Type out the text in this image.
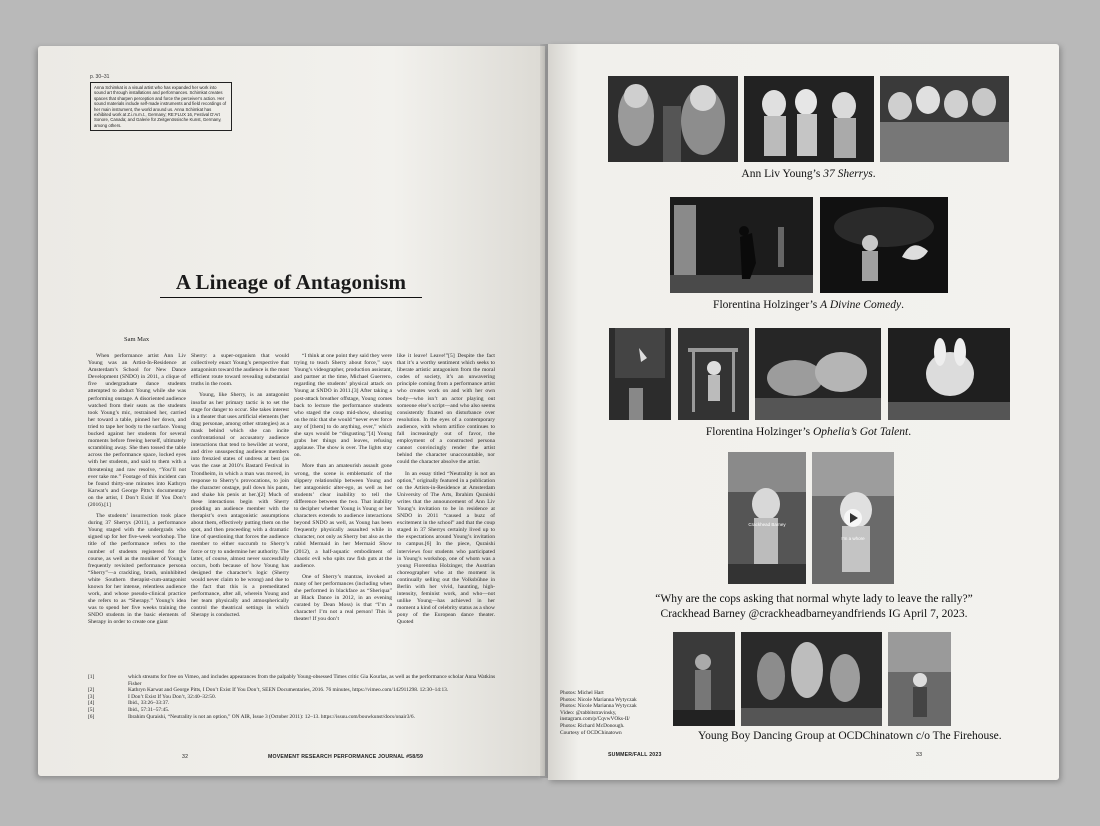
p. 30–31
Anna Schimkat is a visual artist who has expanded her work into sound art through installations and performances. Schimkat creates spaces that sharpen perception and force the perceiver’s action. Her sound materials include self-made instruments and field recordings of her main instrument, the world around us. Anna Schimkat has exhibited work at Z.i.m.m.t., Germany; RE:FLUX 16, Festival D’Art Sonore, Canada; and Galerie für Zeitgenössische Kunst, Germany, among others.
A Lineage of Antagonism
Sam Max

When performance artist Ann Liv Young was an Artist-In-Residence at Amsterdam’s School for New Dance Development (SNDO) in 2011, a clique of five undergraduate dance students attempted to abduct Young while she was performing onstage. A disoriented audience watched from their seats as the students took Young’s mic, restrained her, carried her toward a table, pinned her down, and tried to tape her body to the surface. Young bucked against her students for several moments before freeing herself, ultimately scrambling away. She then tossed the table across the performance space, locked eyes with her students, and said to them with a threatening and raw resolve, “You’ll not ever take me.” Footage of this incident can be found thirty-one minutes into Kathryn Karwat’s and George Pitts’s documentary on the artist, I Don’t Exist If You Don’t (2016).[1]

The students’ insurrection took place during 37 Sherrys (2011), a performance Young staged with the undergrads who signed up for her five-week workshop. The title of the performance refers to the number of students registered for the course, as well as the moniker of Young’s frequently revisited performance persona “Sherry”—a crackling, brash, uninhibited white Southern therapist-cum-antagonist known for her intense, relentless audience work, and whose pseudo-clinical practice she refers to as “Sherapy.” Young’s idea was to spend her five weeks training the SNDO students in the basic elements of Sherapy in order to create one giant

Sherry: a super-organism that would collectively enact Young’s perspective that antagonism toward the audience is the most efficient route toward revealing substantial truths in the room.

Young, like Sherry, is an antagonist insofar as her primary tactic is to set the stage for danger to occur. She takes interest in a theater that uses artificial elements (her drag personae, among other strategies) as a mask behind which she can incite confrontational or accusatory audience interactions that tend to bewilder at worst, and drive unsuspecting audience members into frenzied states of undress at best (as was the case at 2010’s Bastard Festival in Trondheim, in which a man was moved, in response to Sherry’s provocations, to join the character onstage, pull down his pants, and shake his penis at her.)[2] Much of these interactions begin with Sherry prodding an audience member with the therapist’s own antagonistic assumptions about them, effectively putting them on the spot, and then proceeding with a dramatic line of questioning that forces the audience member to either succumb to Sherry’s force or try to undermine her authority. The latter, of course, almost never successfully occurs, both because of how Young has designed the character’s logic (Sherry would never claim to be wrong) and due to the fact that this is a premeditated performance, after all, wherein Young and her team physically and atmospherically control the theatrical settings in which Sherapy is conducted.

“I think at one point they said they were trying to teach Sherry about force,” says Young’s videographer, production assistant, and partner at the time, Michael Guerrero, regarding the students’ physical attack on Young at SNDO in 2011.[3] After taking a post-attack breather offstage, Young comes back to lecture the performance students who staged the coup mid-show, shouting on the mic that she would “never ever force any of [them] to do anything, ever,” which she says would be “disgusting.”[4] Young grabs her things and leaves, refusing applause. The show is over. The lights stay on.

More than an amateurish assault gone wrong, the scene is emblematic of the slippery relationship between Young and her antagonistic alter-ego, as well as her students’ clear inability to tell the difference between the two. That inability to decipher whether Young is Young or her characters extends to audience interactions beyond SNDO as well, as Young has been frequently physically assaulted while in character, not only as Sherry but also as the rabid Mermaid in her Mermaid Show (2012), a half-aquatic embodiment of chaotic evil who spits raw fish guts at the audience.

One of Sherry’s mantras, invoked at many of her performances (including when she performed in blackface as “Sheriqua” at Black Dance in 2012, in an evening curated by Dean Moss) is that “I’m a character! I’m not a real person! This is theater! If you don’t

like it leave! Leave!”[5] Despite the fact that it’s a worthy sentiment which seeks to liberate artistic antagonism from the moral codes of society, it’s an unwavering principle coming from a performance artist who creates work on and with her own body—who isn’t an actor playing out someone else’s script—and who also seems consistently fixated on disturbance over resolution. In the eyes of a contemporary audience, with whom artifice continues to fall increasingly out of favor, the employment of a constructed persona cannot convincingly render the artist behind the character unaccountable, nor could the character absolve the artist.

In an essay titled “Neutrality is not an option,” originally featured in a publication on the Artists-in-Residence at Amsterdam University of The Arts, Ibrahim Quraishi writes that the announcement of Ann Liv Young’s invitation to be in residence at SNDO in 2011 “caused a buzz of excitement in the school” and that the coup staged in 37 Sherrys certainly lived up to the expectations around Young’s invitation to campus.[6] In the piece, Quraishi interviews four students who participated in Young’s workshop, one of whom was a young Florentina Holzinger, the Austrian choreographer who at the moment is continually selling out the Volksbühne in Berlin with her vivid, haunting, high-intensity, feminist work, and who—not unlike Young—has achieved in her moment a kind of celebrity status as a show pony of the European dance theater. Quoted

[1]	which streams for free on Vimeo, and includes appearances from the palpably Young-obsessed Times critic Gia Kourlas, as well as the performance scholar Anna Watkins Fisher
[2]	Kathryn Karwat and George Pitts, I Don’t Exist If You Don’t, SEEN Documentaries, 2016. 76 minutes, https://vimeo.com/142911298. 12:30–14:13.
[3]	I Don’t Exist If You Don’t, 32:40–32:50.
[4]	Ibid., 33:26–33:37.
[5]	Ibid., 57:31–57:45.
[6]	Ibrahim Quraishi, “Neutrality is not an option,” ON AIR, Issue 3 (October 2011): 12–13. https://issuu.com/bouwkunst/docs/onair3/6.
32	MOVEMENT RESEARCH PERFORMANCE JOURNAL #58/59
Ann Liv Young’s 37 Sherrys.
Florentina Holzinger’s A Divine Comedy.
Florentina Holzinger’s Ophelia’s Got Talent.
Crackhead Barney
I’m a whore
“Why are the cops asking that normal whyte lady to leave the rally?”
Crackhead Barney @crackheadbarneyandfriends IG April 7, 2023.
Photos: Michel Hart
Photos: Nicole Marianna Wytyczak
Photos: Nicole Marianna Wytyczak
Video: @rabbitstravinsky,
instagram.com/p/CqvwVOks-II/
Photos: Richard McDonough.
Courtesy of OCDChinatown	Young Boy Dancing Group at OCDChinatown c/o The Firehouse.
SUMMER/FALL 2023	33
